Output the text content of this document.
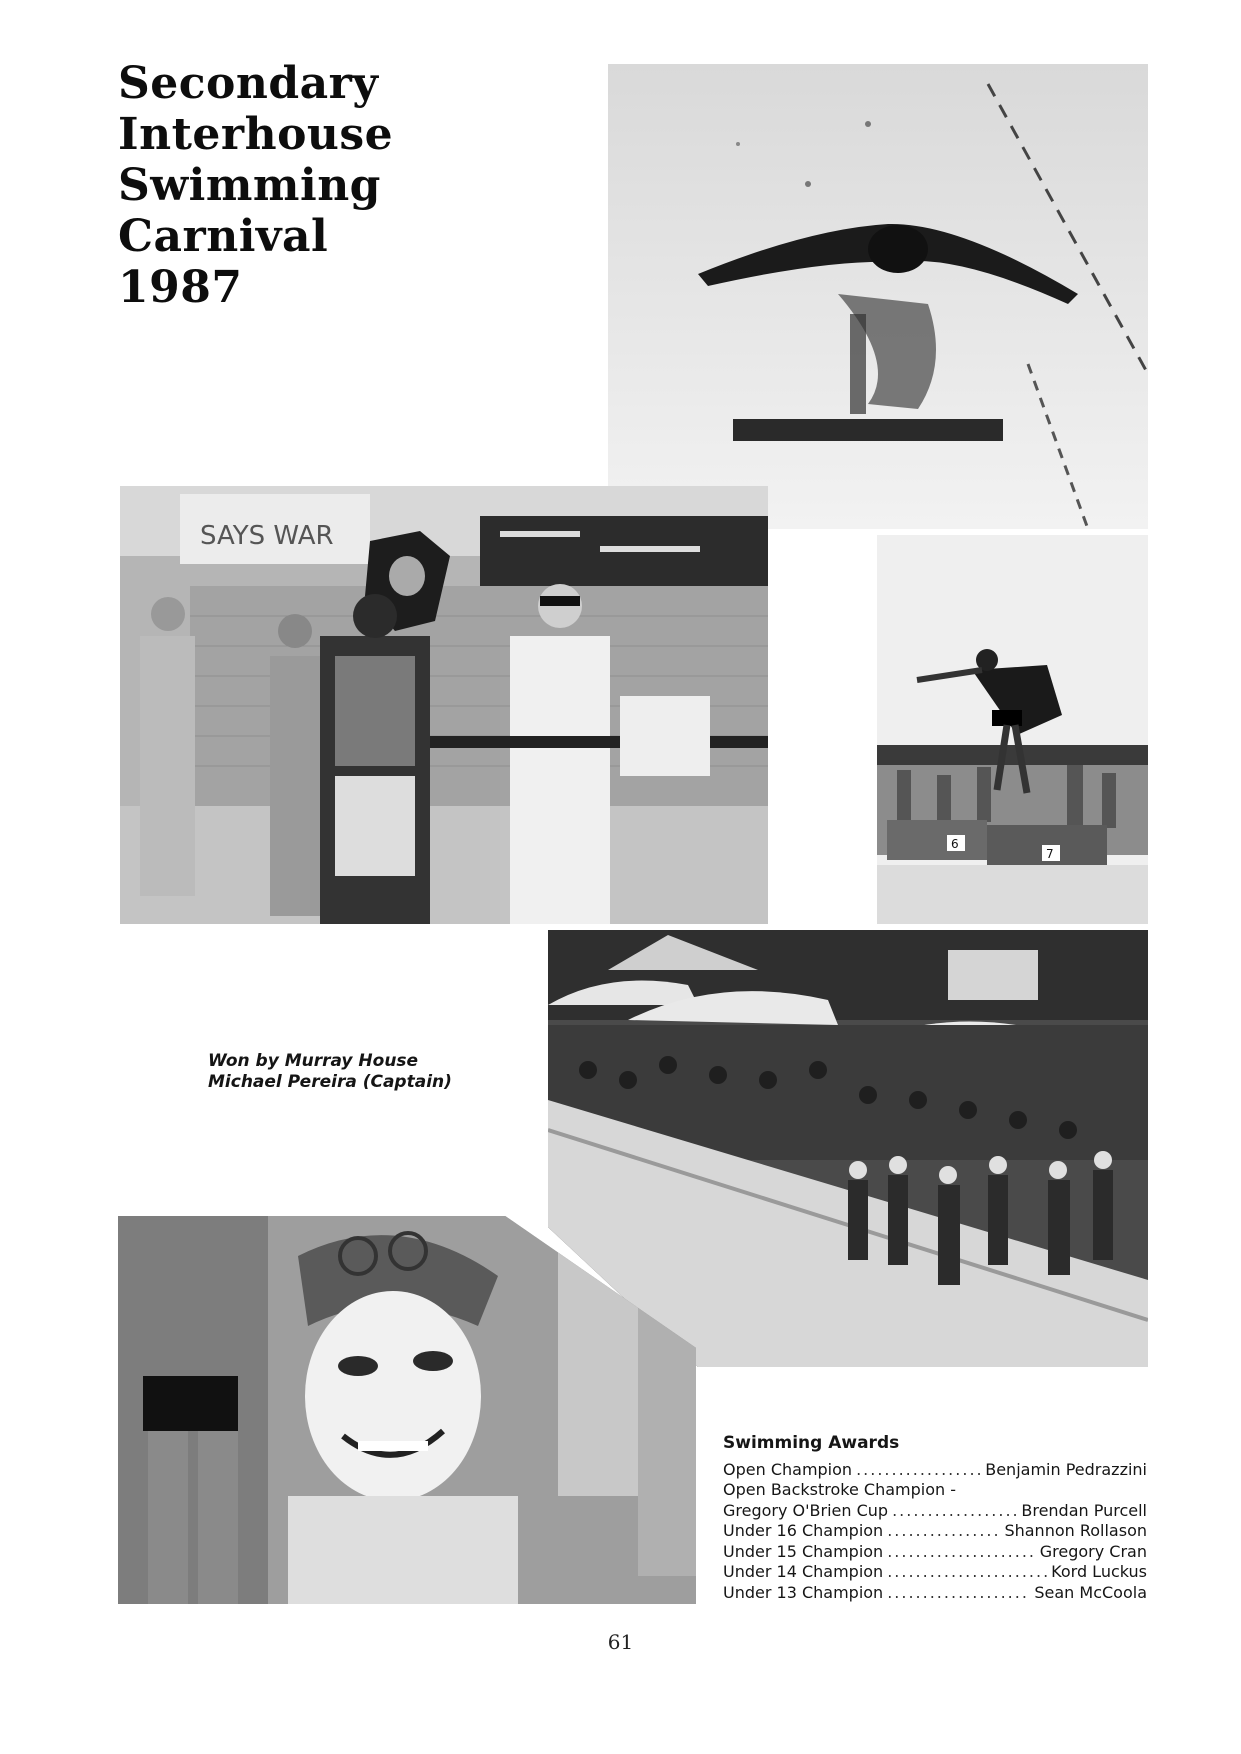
Secondary
Interhouse
Swimming
Carnival
1987
SAYS WAR
6
7
Won by Murray House
Michael Pereira (Captain)
Swimming Awards
Open Champion .....	Benjamin Pedrazzini
Open Backstroke Champion -
Gregory O'Brien Cup .....	Brendan Purcell
Under 16 Champion .....	Shannon Rollason
Under 15 Champion .....	Gregory Cran
Under 14 Champion .....	Kord Luckus
Under 13 Champion .....	Sean McCoola
61
